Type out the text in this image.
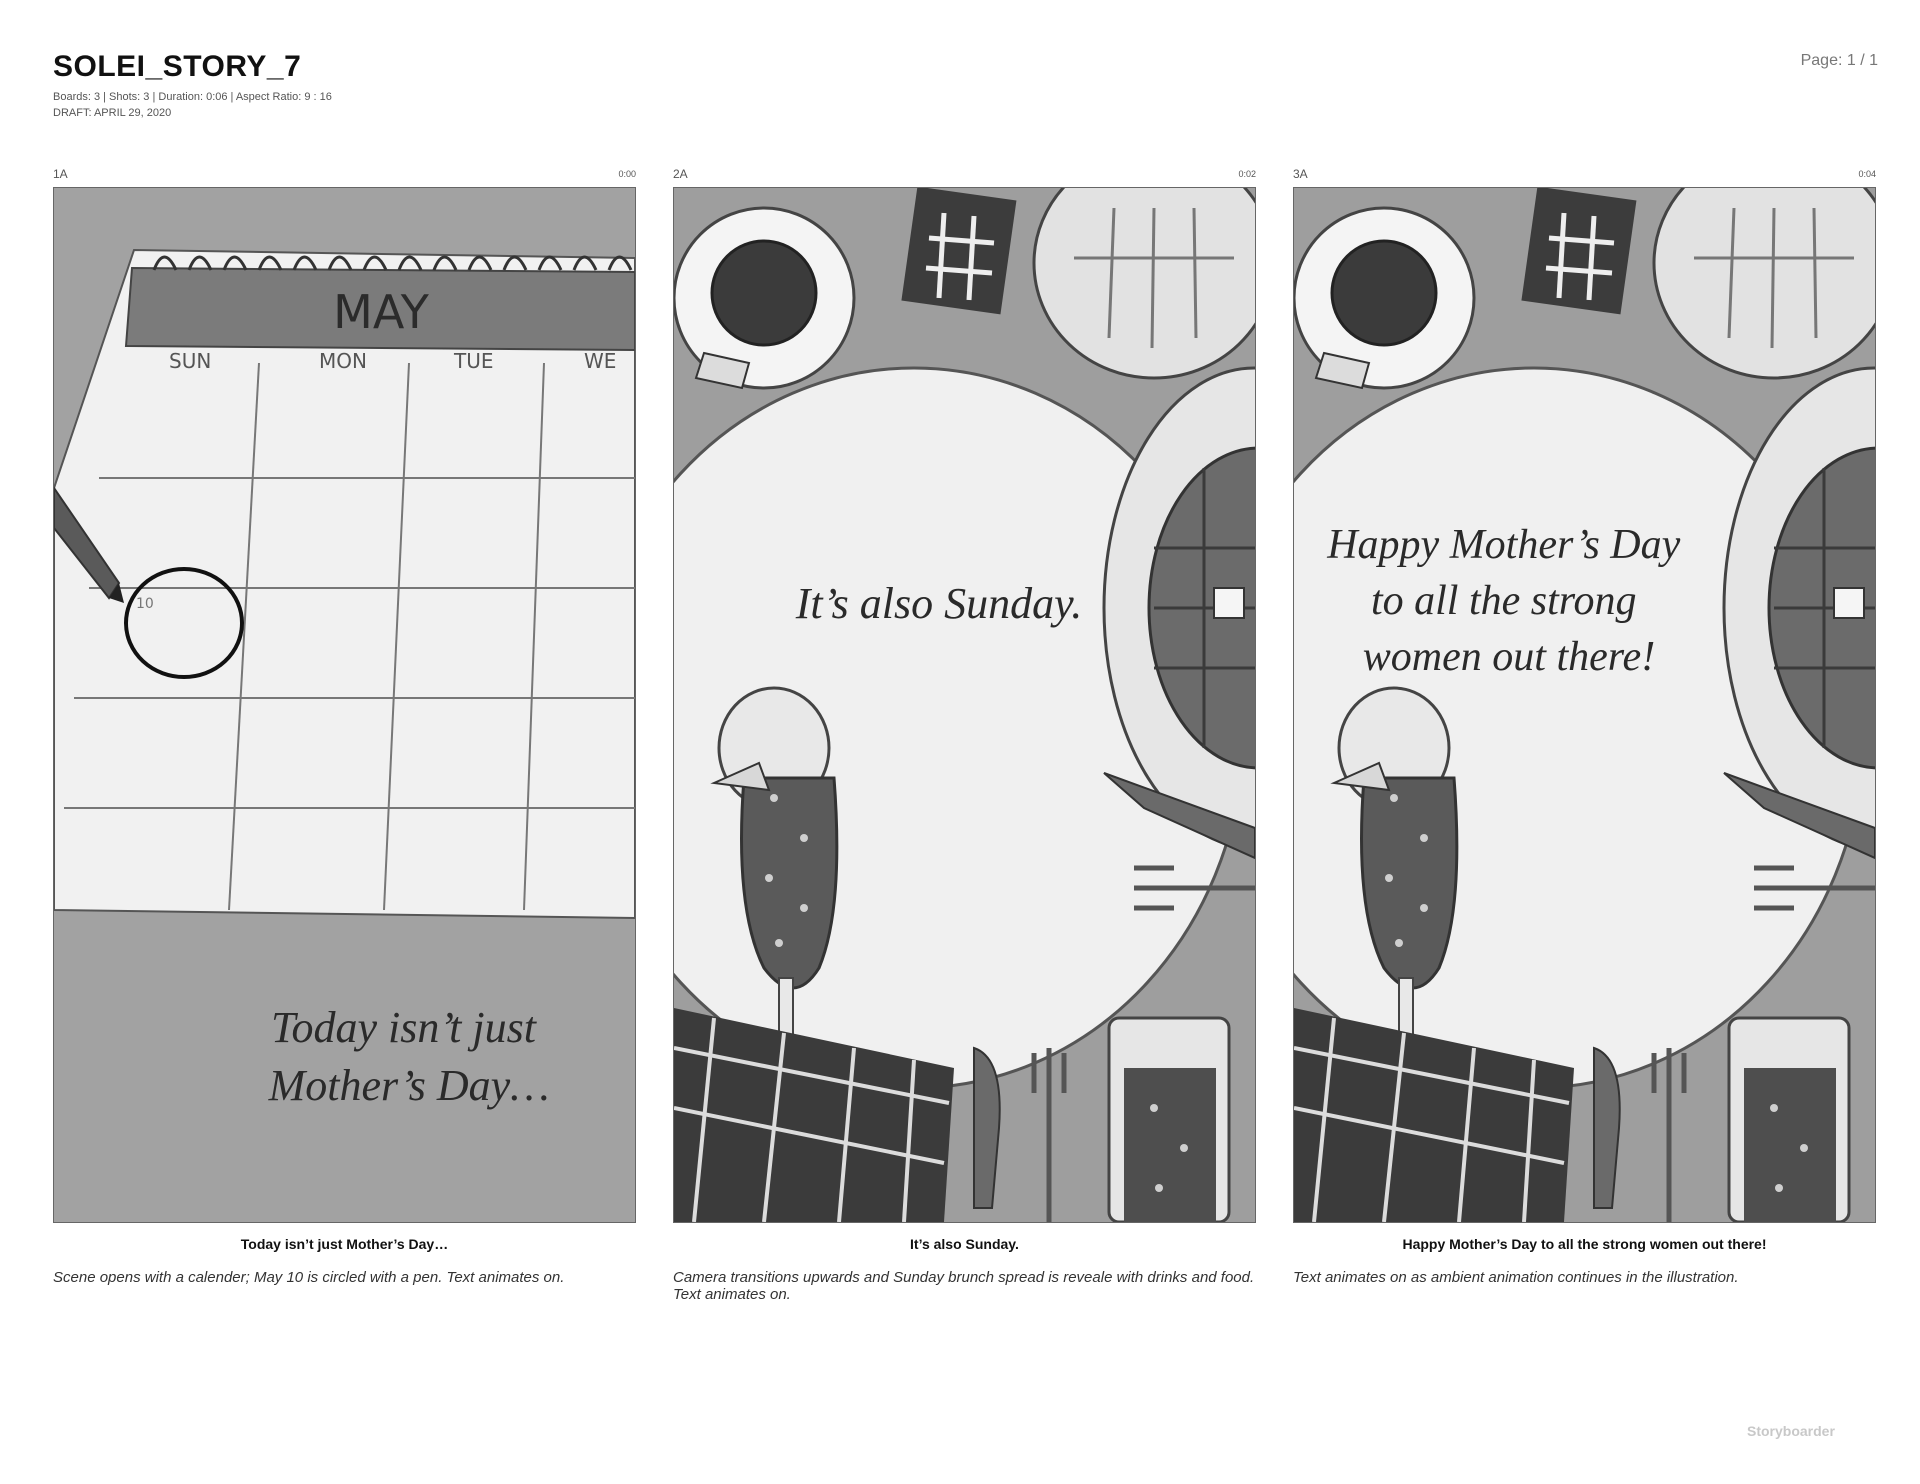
SOLEI_STORY_7
Boards: 3 | Shots: 3 | Duration: 0:06 | Aspect Ratio: 9 : 16
DRAFT: APRIL 29, 2020
Page: 1 / 1
1A	0:00
MAY
SUN	MON	TUE	WE
10
Today isn’t just Mother’s Day…
Today isn’t just Mother’s Day…
Scene opens with a calender; May 10 is circled with a pen. Text animates on.
2A	0:02
It’s also Sunday.
It’s also Sunday.
Camera transitions upwards and Sunday brunch spread is reveale with drinks and food. Text animates on.
3A	0:04
Happy Mother’s Day to all the strong women out there!
Happy Mother’s Day to all the strong women out there!
Text animates on as ambient animation continues in the illustration.
Storyboarder
